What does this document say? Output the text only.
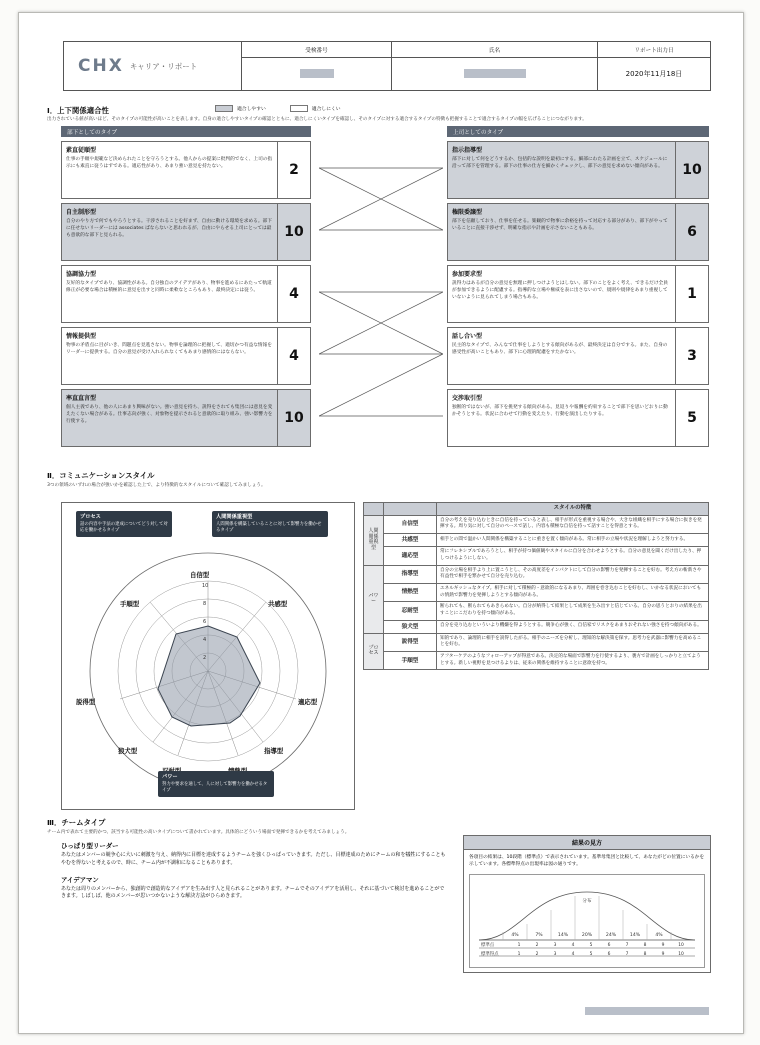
CHX キャリア・リポート
受検番号	氏名	リポート出力日
2020年11月18日
Ⅰ．上下関係適合性	適合しやすい	適合しにくい
出力されている値が高いほど、そのタイプの可能性が高いことを表します。自身の適合しやすいタイプの確認とともに、適合しにくいタイプを確認し、そのタイプに対する適合するタイプの特徴も把握することで適合するタイプの幅を広げることにつながります。
部下としてのタイプ	上司としてのタイプ
素直従順型
仕事の手順や規範など決められたことを守ろうとする。他人からの提案に批判的でなく、上司の指示にも素直に従うはずである。適応性があり、あまり強い意見を持たない。	2
自主制形型
自分のやり方で何でもやろうとする。干渉されることを好まず、自由に動ける環境を求める。部下に任せないリーダーには associates ばならないと思われるが、自由にやらせる上司にとっては最も意欲的な部下と見られる。	10
協調協力型
友好的なタイプであり、協調性がある。自分独自のアイデアがあり、物事を進めるにあたって軌道修正が必要な場合は積極的に意見を出すと同時に柔軟なところもあり、最終決定には従う。	4
情報提供型
物事の矛盾点に目がいき、問題点を見逃さない。物事を論理的に把握して、適切かつ有益な情報をリーダーに提供する。自分の意見が受け入れられなくてもあまり感情的にはならない。	4
率直直言型
個人主義であり、他の人にあまり興味がない。強い意見を持ち、説得をされても集団には意見を変えたくない場合がある。仕事志向が強く、対象物を提示されると意欲的に取り組み、強い影響力を行使する。	10
指示指導型
部下に対して何をどうするか、包括的な説明を最初にする。細部にわたる計画を立て、スケジュールに沿って部下を管理する。部下の仕事の仕方を細かくチェックし、部下の意見を求めない傾向がある。	10
権限委譲型
部下を信頼しており、仕事を任せる。楽観的で物事に余裕を持って対応する部分があり、部下がやっていることに直接干渉せず、明確な指示や計画を示さないこともある。	6
参加要求型
説得力はあるが自分の意見を無理に押しつけようとはしない。部下のことをよく考え、できるだけ全員が参加できるように配慮する。指導的な立場や権威を表に出さないので、規則や規律をあまり重視していないように見られてしまう場合もある。	1
話し合い型
民主的なタイプで、みんなで仕事をしようとする傾向があるが、最終決定は自分でする。また、自身の感受性が高いこともあり、部下に心理的配慮をすたかない。	3
交渉取引型
独断的ではないが、部下を挑発する傾向がある。見返りや報酬を約束することで部下を思いどおりに動かそうとする。状況に合わせて行動を変えたり、行動を演出したりする。	5
Ⅱ．コミュニケーションスタイル
3つの領域のいずれの場合が強いかを確認した上で、より特徴的なスタイルについて確認してみましょう。
10
8
6
4
2
自信型
共感型
適応型
指導型
狼犬型
説得型
手順型
プロセス
話の内容や手法の達成についてどう対して対応を働かせるタイプ
人間関係重視型
人間関係を構築していることに対して影響力を働かせるタイプ
パワー
努力や要求を通して、人に対して影響力を働かせるタイプ
		スタイルの特徴
人間関係重視型	自信型	自分の考えを売り込むときに自信を持っていると表し、相手が形式を重視する場合や、大きな組織を相手にする場合に抜きを発揮する。周り気に対して自分のペースで話し、内容も積極な自信を持って話すことを得意とする。
	共感型	相手との間で温かい人間関係を構築することに重きを置く傾向がある。常に相手の立場や状況を理解しようと努力する。
	適応型	常にフレキシブルであろうとし、相手が持つ価値観やスタイルに自分を合わせようとする。自分の意見を聞くだけ出したり、押しつけるようにしない。
パワー	指導型	自分の立場を相手より上に置こうとし、その高度差をインパクトにして自分の影響力を発揮することを好む。考え方の斬新さや有益性で相手を繁かせて自分を売り込む。
	情熱型	エネルギッシュなタイプ。相手に対して積極的・意欲的になるあまり、周囲を巻き込むことを好むし、いかなる状況においてもの情熱で影響力を発揮しようとする傾向がある。
	忍耐型	断られても、断られてもあきらめない。自分が納得して結果として成果を生み出すと信じている。自分の思うとおりの結果を出すことにこだわりを持つ傾向がある。
	狼犬型	自分を売り込むといういより機嫌を得ようとする。競争心が強く、自信家でリスクをあまりおそれない強さを持つ傾向がある。
プロセス	説得型	知的であり、論理的に相手を説得したがる。相手のニーズを分析し、理知的な解決策を探す。思考力を武器に影響力を高めることを好む。
	手順型	アフターケアのようなフォローアップが得意である。決定的な場面で影響力を行使するより、裏方で計画をしっかりと立てようとする。新しい視野を見つけるよりは、従来の関係を維持することに意欲を持つ。
Ⅲ．チームタイプ
チーム内で表れて主要的かつ、該当する可能性の高いタイプについて書かれています。具体的にどういう場面で発揮できるかを考えてみましょう。
ひっぱり型リーダー

あなたはメンバーの競争心に大いに刺激を与え、納得内に目標を達成するようチームを強くひっぱっていきます。ただし、目標達成のためにチームの和を犠牲にすることもやむを得ないと考えるので、時に、チーム内が不調和になることもあります。

アイデアマン

あなたは周りのメンバーから、独創的で創造的なアイデアを生み出す人と見られることがあります。チームでそのアイデアを活用し、それに基づいて検討を進めることができます。しばしば、他のメンバーが思いつかないような解決方法がひらめきます。

結果の見方
各項目の結果は、10段階（標準点）で表示されています。基準母集団と比較して、あなたがどの位置にいるかを示しています。各標準得点の出現率は図の通りです。
分布
4%	7%	14%	20%	24%	14%	4%
標準点
標準得点
1	2	3	4	5	6	7	8	9	10
1	2	3	4	5	6	7	8	9	10
